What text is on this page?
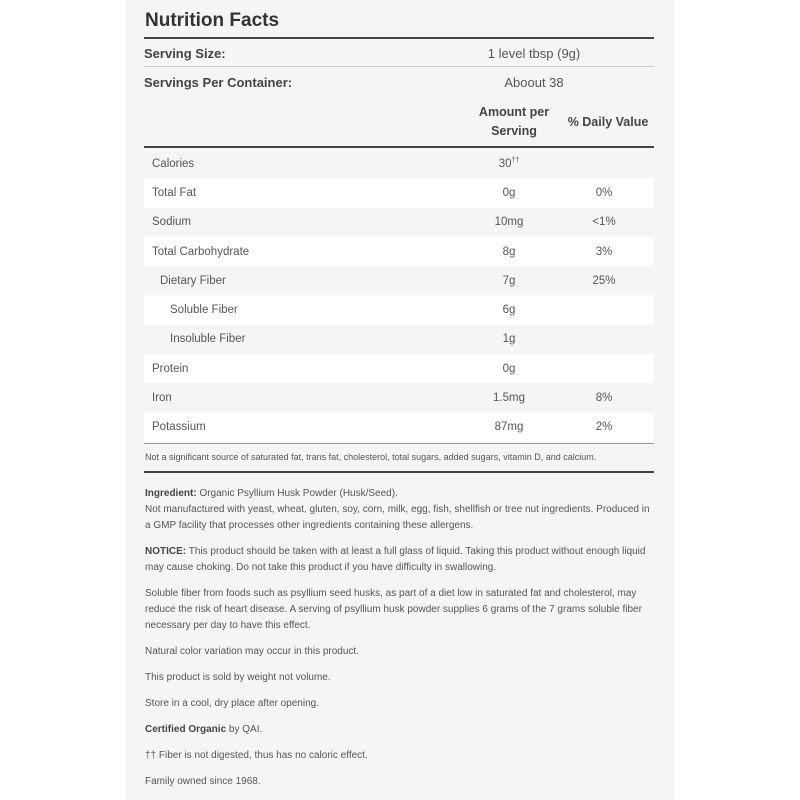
Nutrition Facts
Serving Size:	1 level tbsp (9g)
Servings Per Container:	Aboout 38
Amount per
Serving
% Daily Value
Calories	30††
Total Fat	0g	0%
Sodium	10mg	<1%
Total Carbohydrate	8g	3%
Dietary Fiber	7g	25%
Soluble Fiber	6g
Insoluble Fiber	1g
Protein	0g
Iron	1.5mg	8%
Potassium	87mg	2%
Not a significant source of saturated fat, trans fat, cholesterol, total sugars, added sugars, vitamin D, and calcium.

Ingredient: Organic Psyllium Husk Powder (Husk/Seed).
Not manufactured with yeast, wheat, gluten, soy, corn, milk, egg, fish, shellfish or tree nut ingredients. Produced in a GMP facility that processes other ingredients containing these allergens.

NOTICE: This product should be taken with at least a full glass of liquid. Taking this product without enough liquid may cause choking. Do not take this product if you have difficulty in swallowing.

Soluble fiber from foods such as psyllium seed husks, as part of a diet low in saturated fat and cholesterol, may reduce the risk of heart disease. A serving of psyllium husk powder supplies 6 grams of the 7 grams soluble fiber necessary per day to have this effect.

Natural color variation may occur in this product.

This product is sold by weight not volume.

Store in a cool, dry place after opening.

Certified Organic by QAI.

†† Fiber is not digested, thus has no caloric effect.

Family owned since 1968.
